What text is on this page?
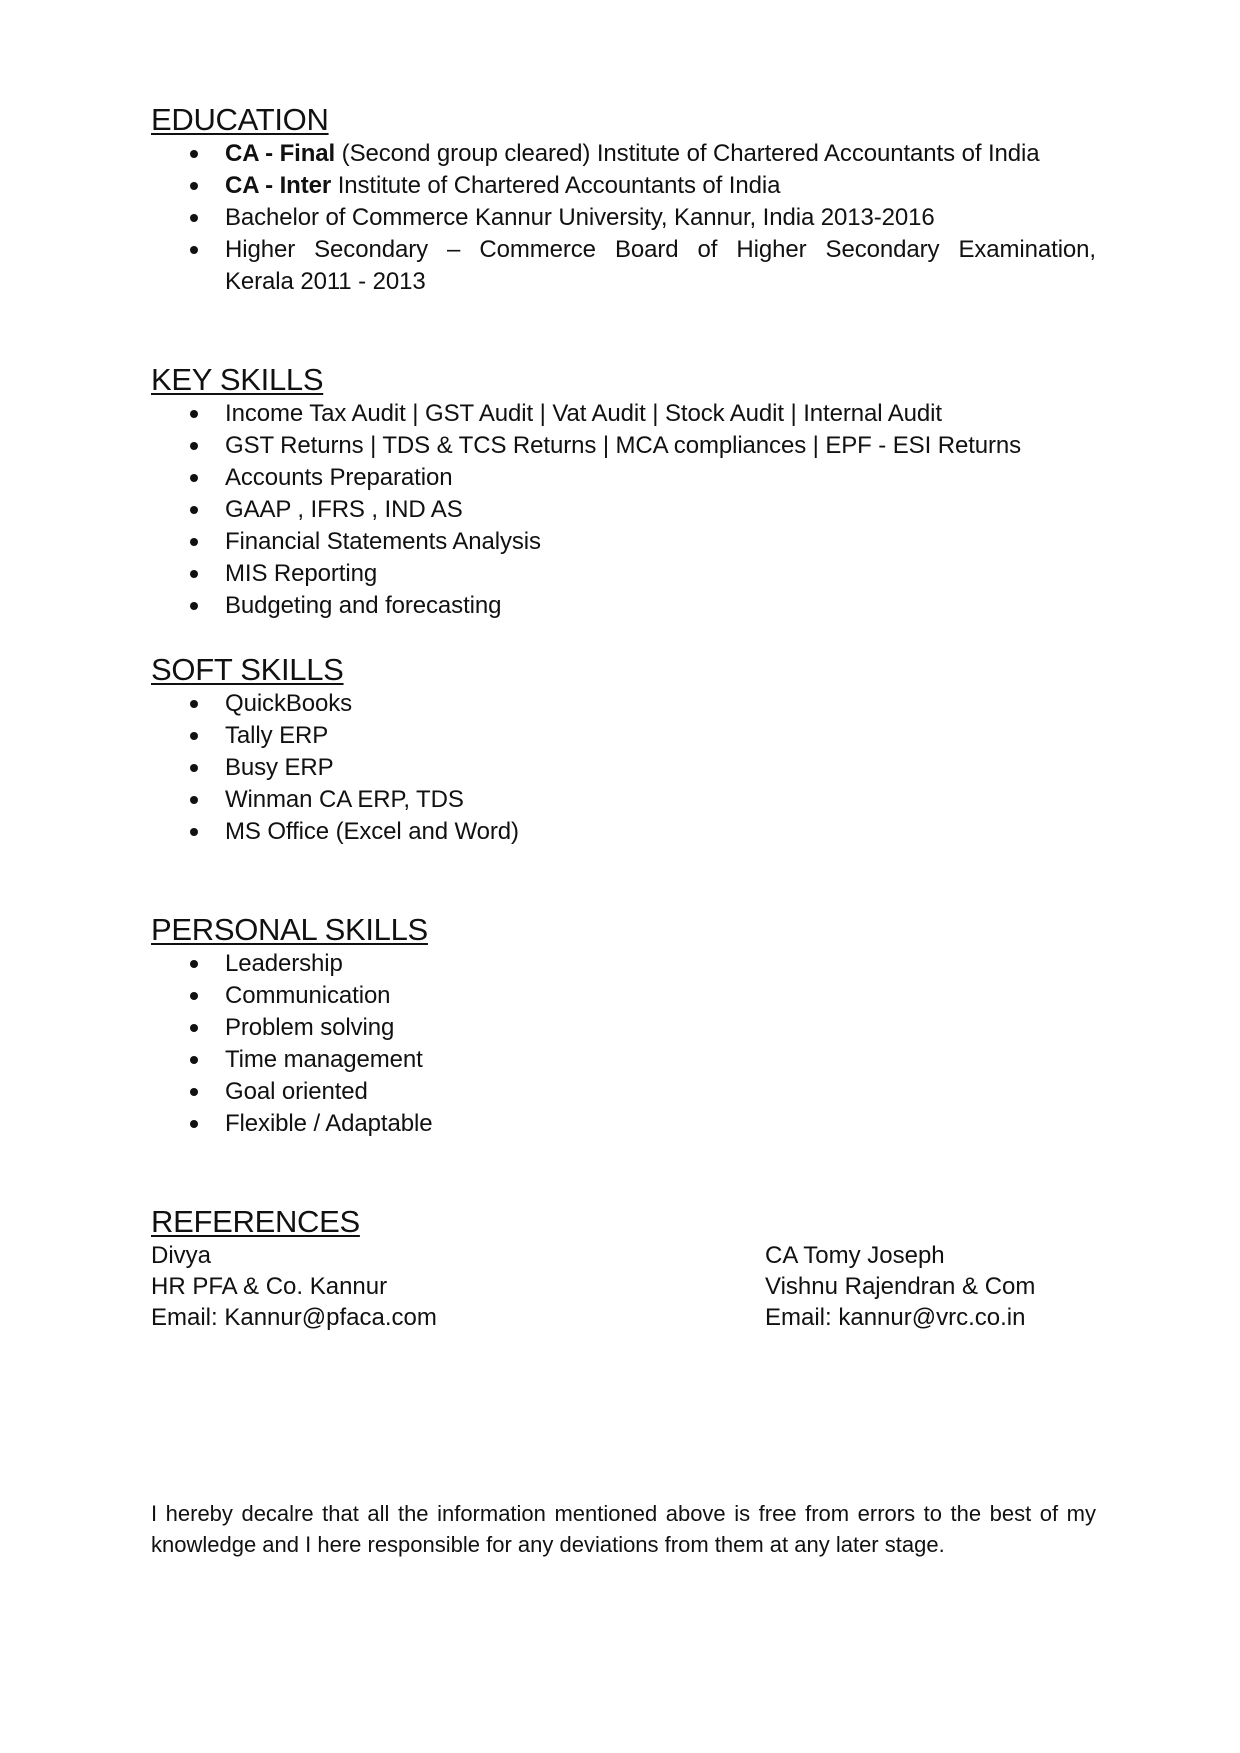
EDUCATION
CA - Final (Second group cleared) Institute of Chartered Accountants of India
CA - Inter Institute of Chartered Accountants of India
Bachelor of Commerce Kannur University, Kannur, India 2013-2016
Higher Secondary – Commerce Board of Higher Secondary Examination,
Kerala 2011 - 2013
KEY SKILLS
Income Tax Audit | GST Audit | Vat Audit | Stock Audit | Internal Audit
GST Returns | TDS & TCS Returns | MCA compliances | EPF - ESI Returns
Accounts Preparation
GAAP , IFRS , IND AS
Financial Statements Analysis
MIS Reporting
Budgeting and forecasting
SOFT SKILLS
QuickBooks
Tally ERP
Busy ERP
Winman CA ERP, TDS
MS Office (Excel and Word)
PERSONAL SKILLS
Leadership
Communication
Problem solving
Time management
Goal oriented
Flexible / Adaptable
REFERENCES
Divya
HR PFA & Co. Kannur
Email: Kannur@pfaca.com
CA Tomy Joseph
Vishnu Rajendran & Com
Email: kannur@vrc.co.in

I hereby decalre that all the information mentioned above is free from errors to the best of my knowledge and I here responsible for any deviations from them at any later stage.
